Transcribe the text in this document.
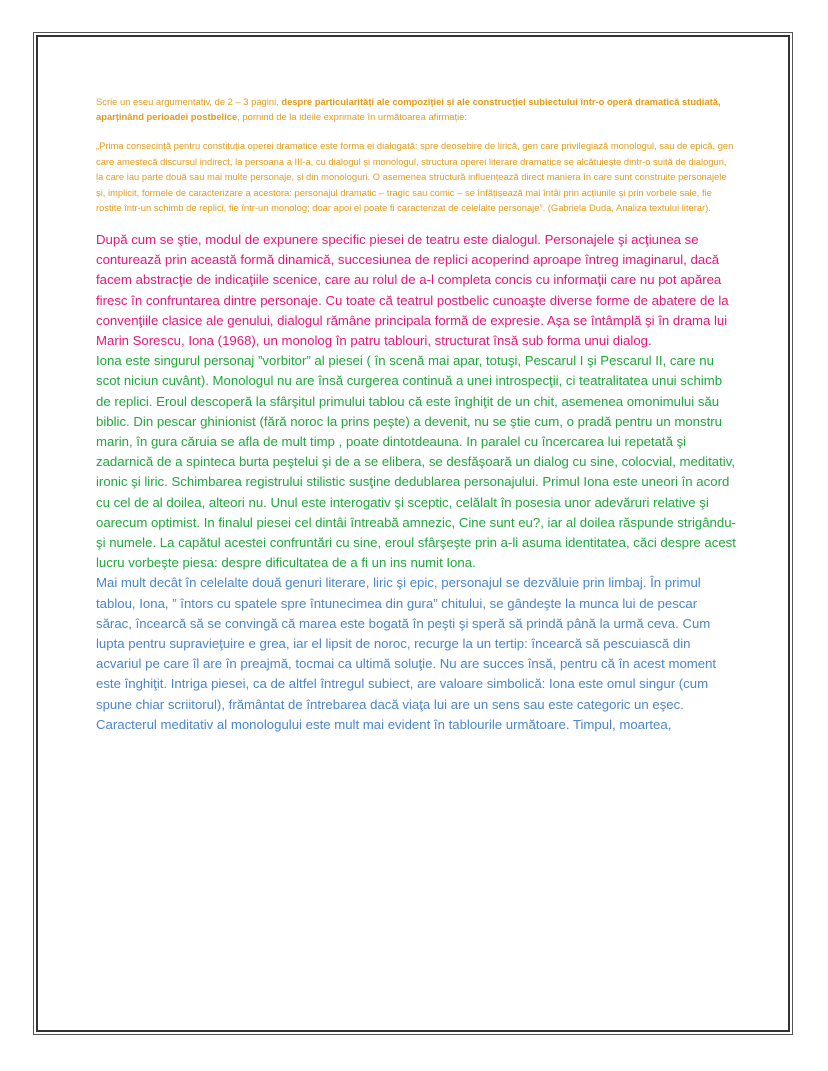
Scrie un eseu argumentativ, de 2 – 3 pagini, despre particularități ale compoziției și ale construcției subiectului într-o operă dramatică studiată, aparținând perioadei postbelice, pornind de la ideile exprimate în următoarea afirmație:

„Prima consecință pentru constituția operei dramatice este forma ei dialogată: spre deosebire de lirică, gen care privilegiază monologul, sau de epică, gen care amestecă discursul indirect, la persoana a III-a, cu dialogul și monologul, structura operei literare dramatice se alcătuiește dintr-o suită de dialoguri, la care iau parte două sau mai multe personaje, și din monologuri. O asemenea structură influențează direct maniera în care sunt construite personajele și, implicit, formele de caracterizare a acestora: personajul dramatic – tragic sau comic – se înfățișează mai întâi prin acțiunile și prin vorbele sale, fie rostite într-un schimb de replici, fie într-un monolog; doar apoi el poate fi caracterizat de celelalte personaje”. (Gabriela Duda, Analiza textului literar).

După cum se ştie, modul de expunere specific piesei de teatru este dialogul. Personajele şi acţiunea se conturează prin această formă dinamică, succesiunea de replici acoperind aproape întreg imaginarul, dacă facem abstracţie de indicaţiile scenice, care au rolul de a-l completa concis cu informaţii care nu pot apărea firesc în confruntarea dintre personaje. Cu toate că teatrul postbelic cunoaşte diverse forme de abatere de la convenţiile clasice ale genului, dialogul rămâne principala formă de expresie. Aşa se întâmplă şi în drama lui Marin Sorescu, Iona (1968), un monolog în patru tablouri, structurat însă sub forma unui dialog.

Iona este singurul personaj ”vorbitor” al piesei ( în scenă mai apar, totuşi, Pescarul I şi Pescarul II, care nu scot niciun cuvânt). Monologul nu are însă curgerea continuă a unei introspecţii, ci teatralitatea unui schimb de replici. Eroul descoperă la sfârşitul primului tablou că este înghiţit de un chit, asemenea omonimului său biblic. Din pescar ghinionist (fără noroc la prins peşte) a devenit, nu se ştie cum, o pradă pentru un monstru marin, în gura căruia se afla de mult timp , poate dintotdeauna. In paralel cu încercarea lui repetată şi zadarnică de a spinteca burta peştelui şi de a se elibera, se desfăşoară un dialog cu sine, colocvial, meditativ, ironic şi liric. Schimbarea registrului stilistic susţine dedublarea personajului. Primul Iona este uneori în acord cu cel de al doilea, alteori nu. Unul este interogativ şi sceptic, celălalt în posesia unor adevăruri relative şi oarecum optimist. In finalul piesei cel dintâi întreabă amnezic, Cine sunt eu?, iar al doilea răspunde strigându-şi numele. La capătul acestei confruntări cu sine, eroul sfârşeşte prin a-li asuma identitatea, căci despre acest lucru vorbeşte piesa: despre dificultatea de a fi un ins numit Iona.

Mai mult decât în celelalte două genuri literare, liric şi epic, personajul se dezvăluie prin limbaj. În primul tablou, Iona, ” întors cu spatele spre întunecimea din gura” chitului, se gândeşte la munca lui de pescar sărac, încearcă să se convingă că marea este bogată în peşti şi speră să prindă până la urmă ceva. Cum lupta pentru supravieţuire e grea, iar el lipsit de noroc, recurge la un tertip: încearcă să pescuiască din acvariul pe care îl are în preajmă, tocmai ca ultimă soluţie. Nu are succes însă, pentru că în acest moment este înghiţit. Intriga piesei, ca de altfel întregul subiect, are valoare simbolică: Iona este omul singur (cum spune chiar scriitorul), frământat de întrebarea dacă viaţa lui are un sens sau este categoric un eşec. Caracterul meditativ al monologului este mult mai evident în tablourile următoare. Timpul, moartea,
